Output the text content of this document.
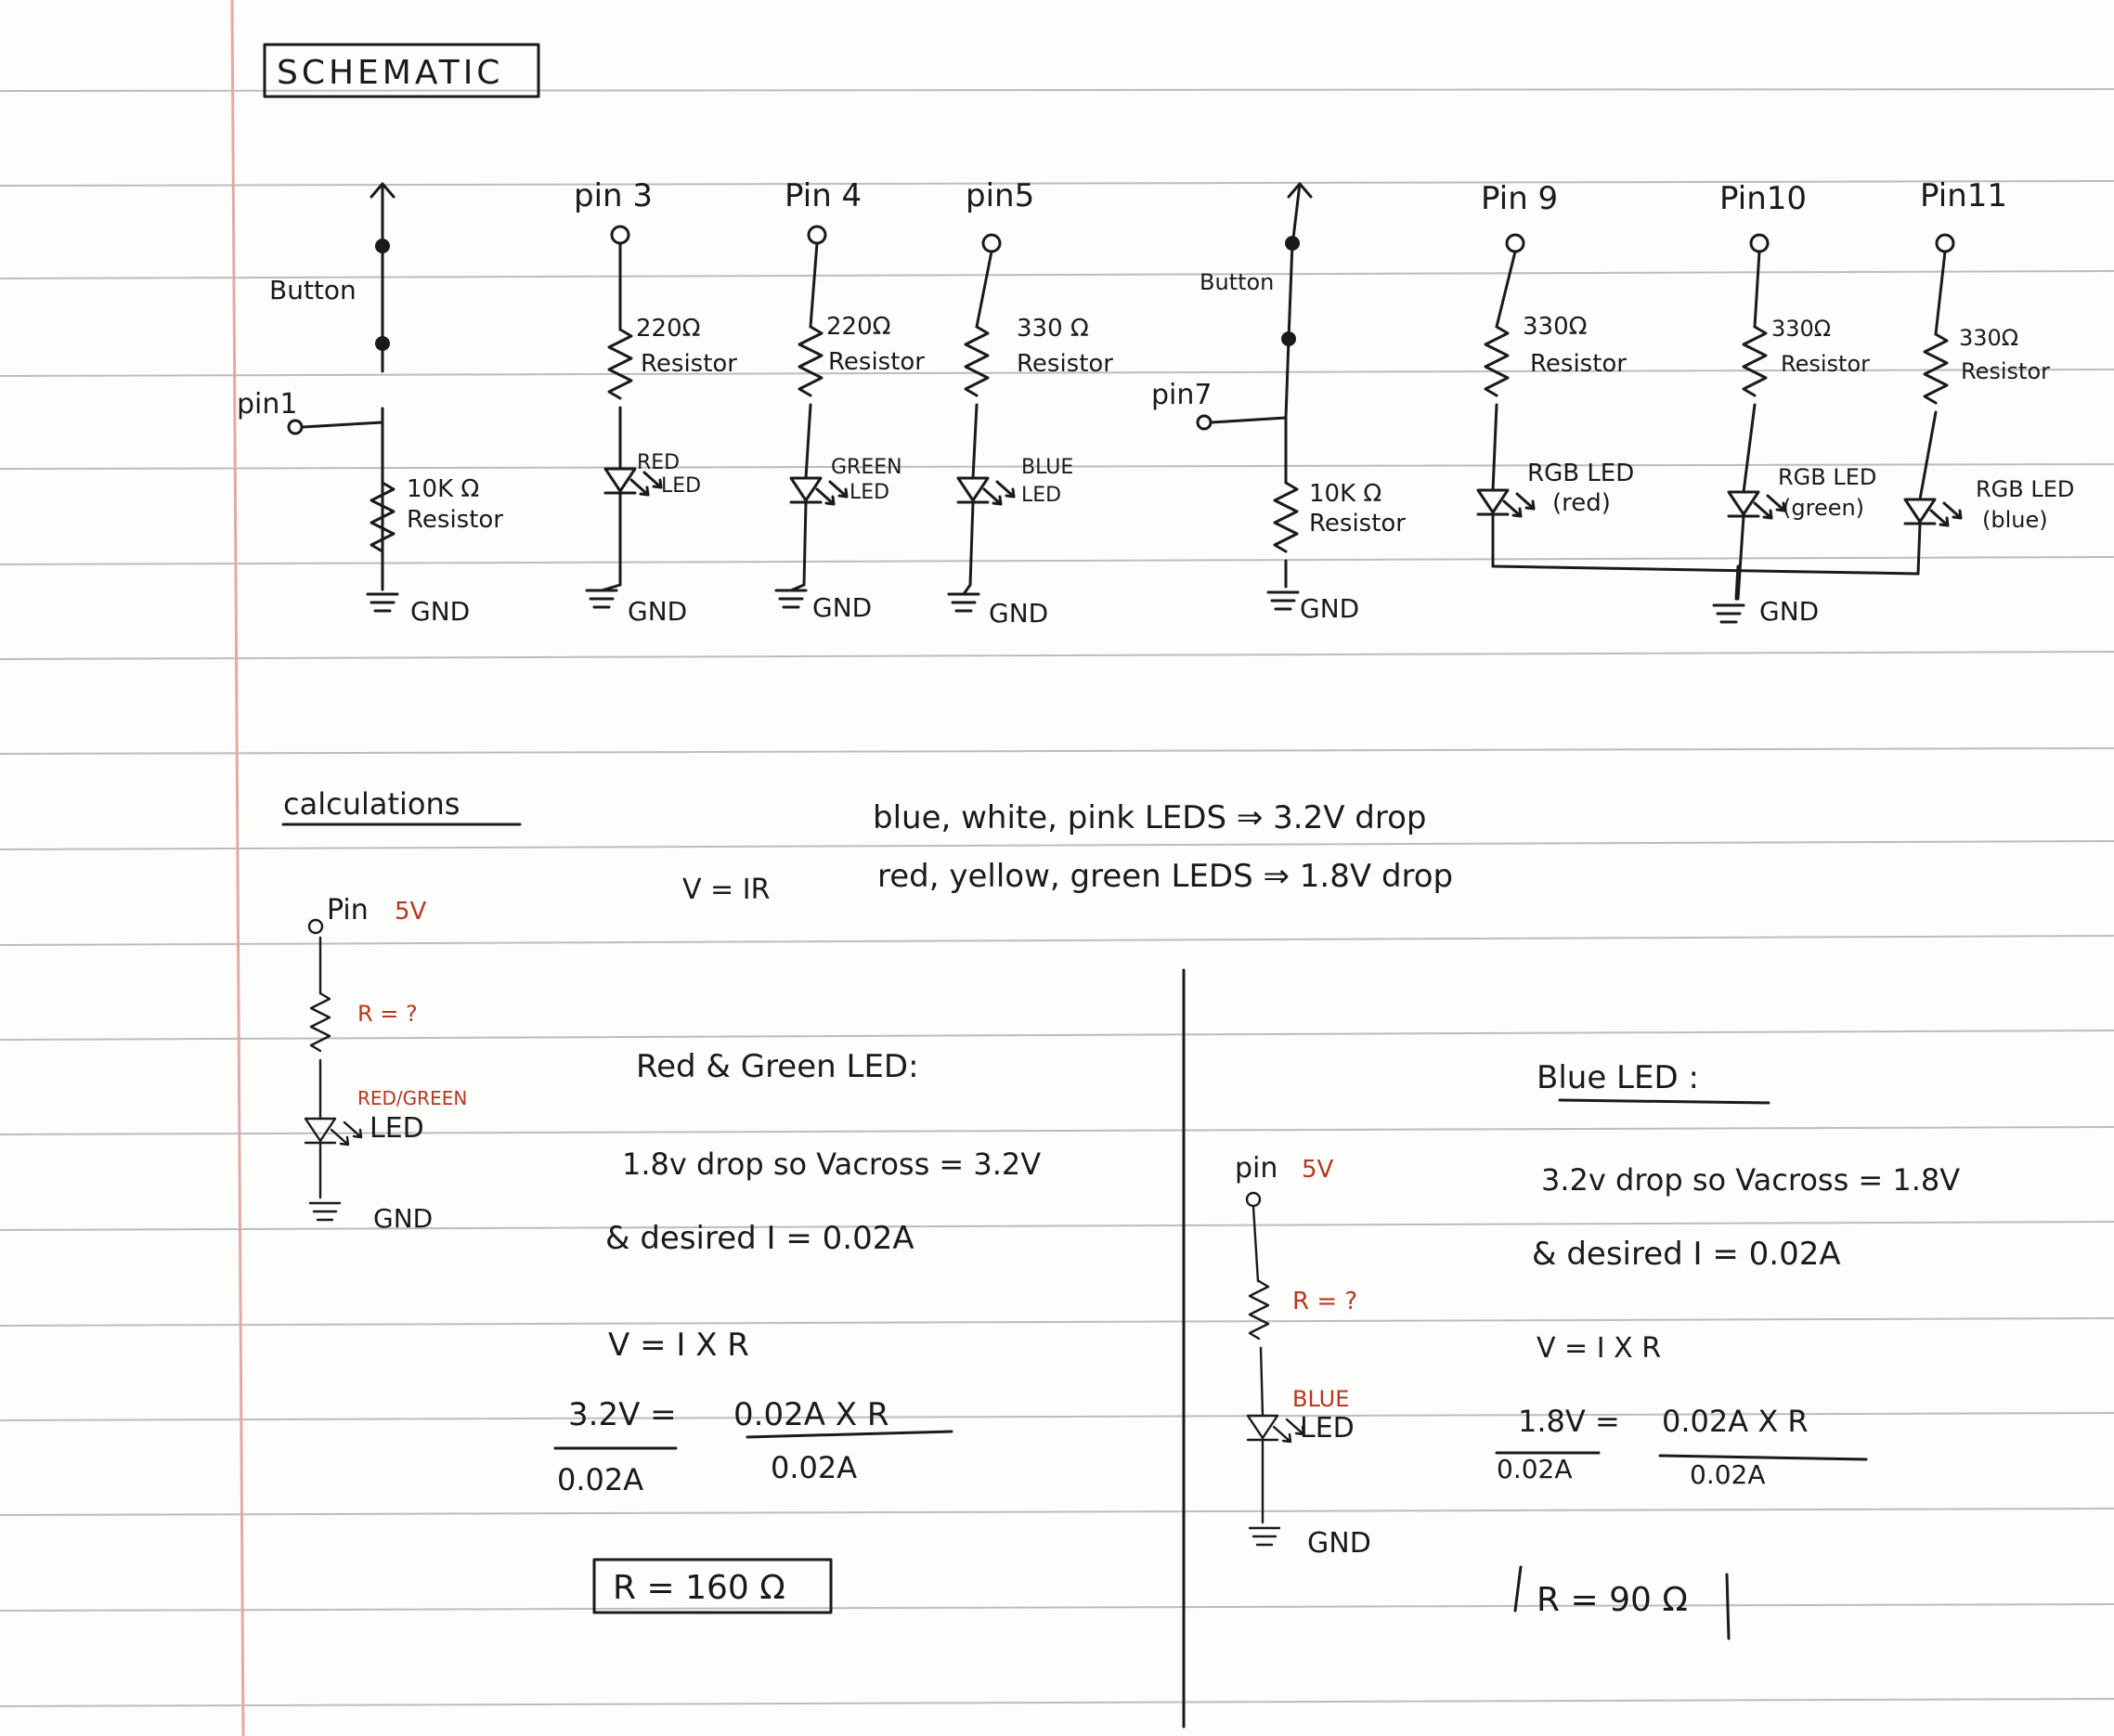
SCHEMATIC
Button
pin1
10K Ω
Resistor
GND
pin 3
220Ω
Resistor
RED
LED
GND
Pin 4
220Ω
Resistor
GREEN
LED
GND
pin5
330 Ω
Resistor
BLUE
LED
GND
Button
pin7
10K Ω
Resistor
GND
Pin 9
330Ω
Resistor
RGB LED
(red)
Pin10
330Ω
Resistor
RGB LED
(green)
Pin11
330Ω
Resistor
RGB LED
(blue)
GND
calculations
V = IR
blue, white, pink LEDS ⇒ 3.2V drop
red, yellow, green LEDS ⇒ 1.8V drop
Pin 5V
R = ?
RED/GREEN
LED
GND
Red & Green LED:
1.8v drop so Vacross = 3.2V
& desired I = 0.02A
V = I X R
3.2V = 0.02A X R
0.02A	0.02A
R = 160 Ω
pin 5V
R = ?
BLUE
LED
GND
Blue LED :
3.2v drop so Vacross = 1.8V
& desired I = 0.02A
V = I X R
1.8V = 0.02A X R
0.02A	0.02A
R = 90 Ω
